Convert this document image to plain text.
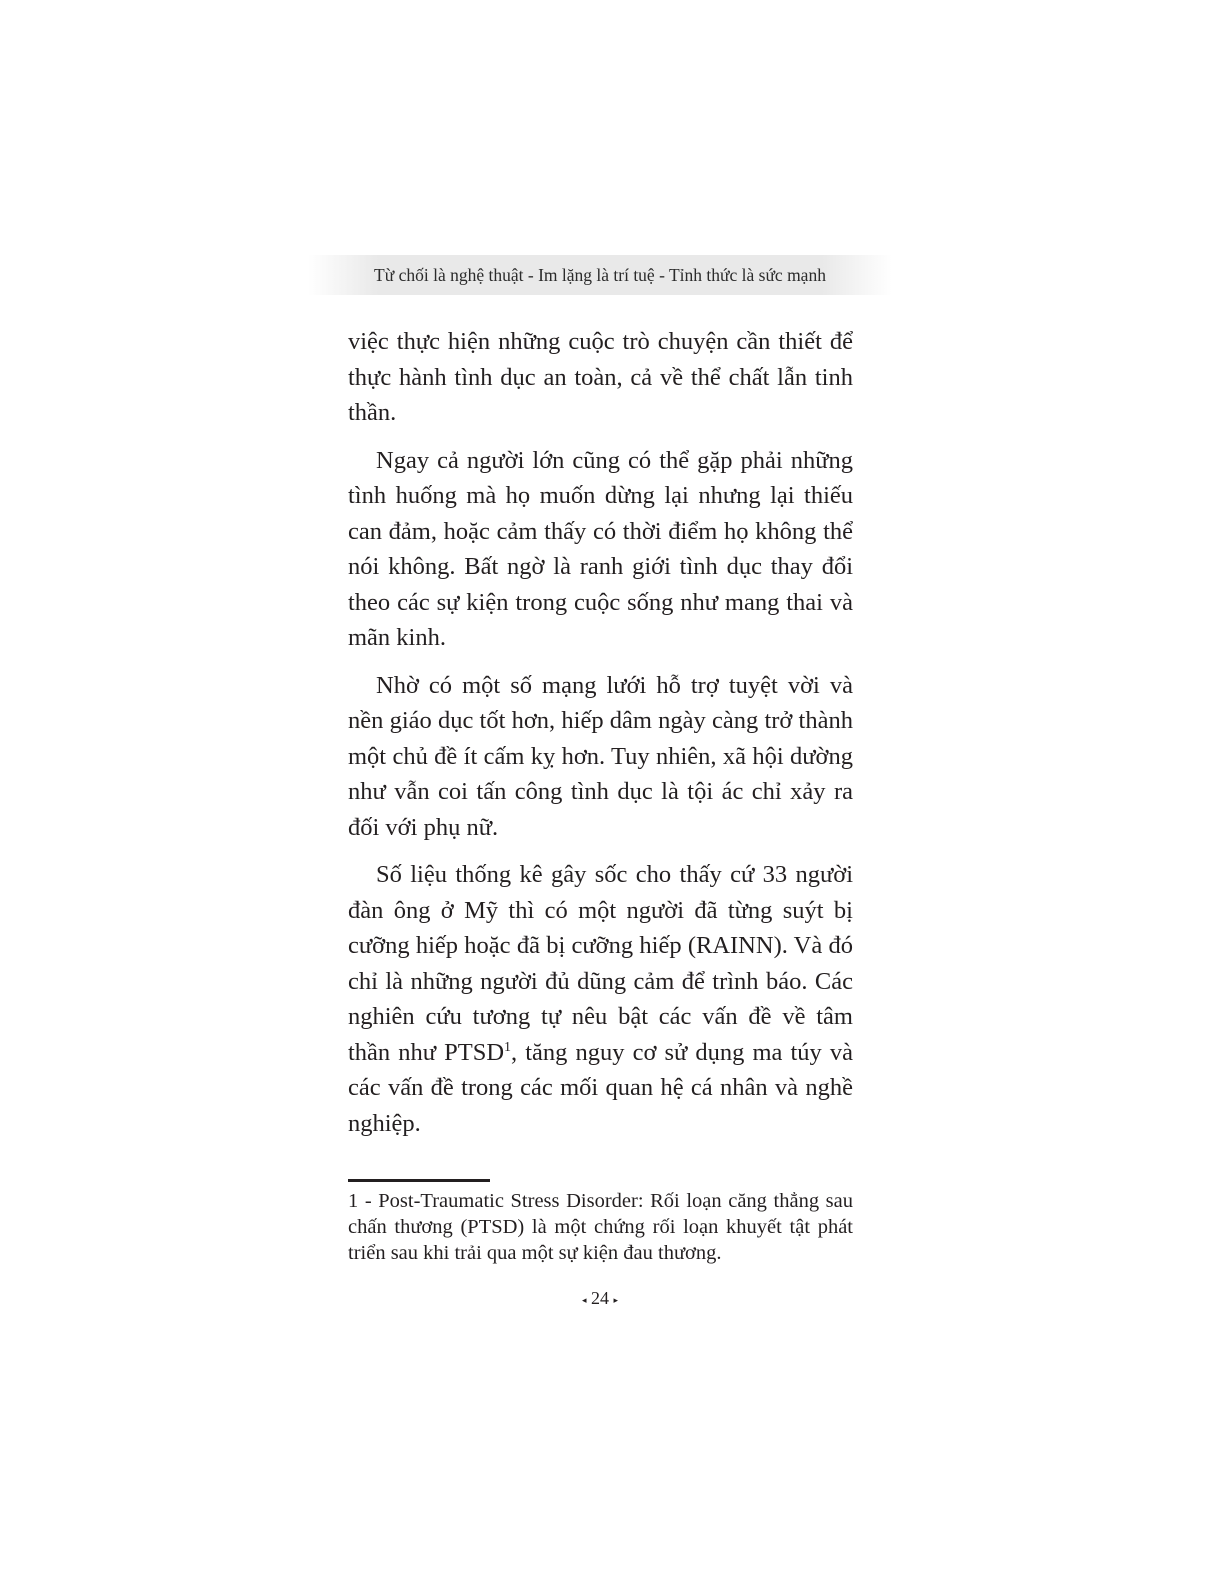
Từ chối là nghệ thuật - Im lặng là trí tuệ - Tỉnh thức là sức mạnh

việc thực hiện những cuộc trò chuyện cần thiết để thực hành tình dục an toàn, cả về thể chất lẫn tinh thần.

Ngay cả người lớn cũng có thể gặp phải những tình huống mà họ muốn dừng lại nhưng lại thiếu can đảm, hoặc cảm thấy có thời điểm họ không thể nói không. Bất ngờ là ranh giới tình dục thay đổi theo các sự kiện trong cuộc sống như mang thai và mãn kinh.

Nhờ có một số mạng lưới hỗ trợ tuyệt vời và nền giáo dục tốt hơn, hiếp dâm ngày càng trở thành một chủ đề ít cấm kỵ hơn. Tuy nhiên, xã hội dường như vẫn coi tấn công tình dục là tội ác chỉ xảy ra đối với phụ nữ.

Số liệu thống kê gây sốc cho thấy cứ 33 người đàn ông ở Mỹ thì có một người đã từng suýt bị cưỡng hiếp hoặc đã bị cưỡng hiếp (RAINN). Và đó chỉ là những người đủ dũng cảm để trình báo. Các nghiên cứu tương tự nêu bật các vấn đề về tâm thần như PTSD$^1$, tăng nguy cơ sử dụng ma túy và các vấn đề trong các mối quan hệ cá nhân và nghề nghiệp.

1 - Post-Traumatic Stress Disorder: Rối loạn căng thẳng sau chấn thương (PTSD) là một chứng rối loạn khuyết tật phát triển sau khi trải qua một sự kiện đau thương.

◂ 24 ▸
